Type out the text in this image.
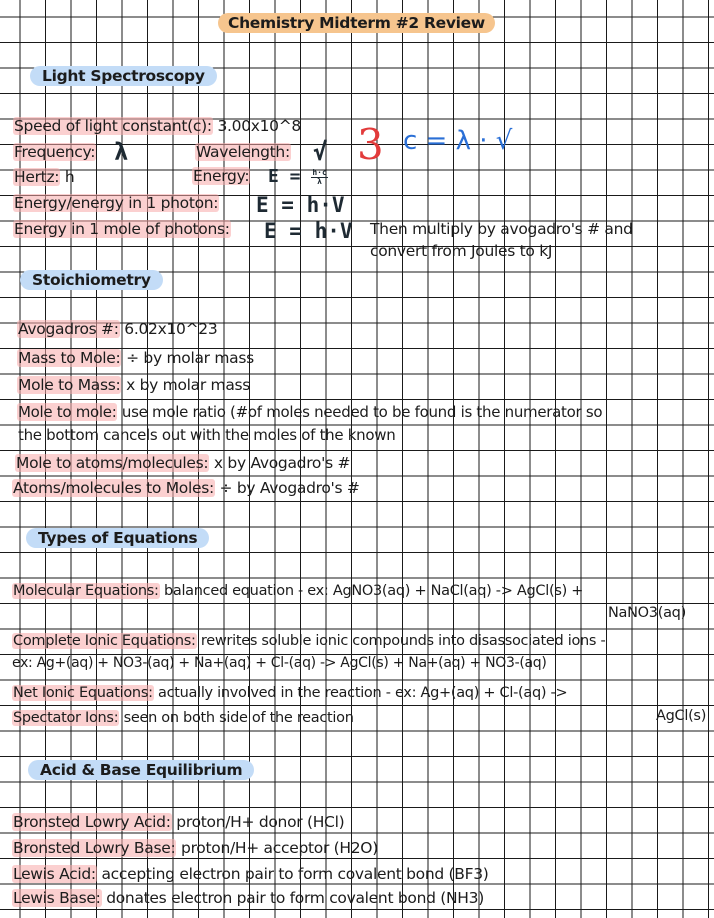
Chemistry Midterm #2 Review
Light Spectroscopy
Speed of light constant(c): 3.00x10^8
Frequency: λ	Wavelength: √
Hertz: h	Energy: $E = \frac{h\cdot c}{\lambda}$
Energy/energy in 1 photon: E = h·V
Energy in 1 mole of photons: E = h·V Then multiply by avogadro's # and
convert from Joules to kJ
3 c = λ · √
Stoichiometry
Avogadros #: 6.02x10^23
Mass to Mole: ÷ by molar mass
Mole to Mass: x by molar mass
Mole to mole: use mole ratio (#of moles needed to be found is the numerator so
the bottom cancels out with the moles of the known
Mole to atoms/molecules: x by Avogadro's #
Atoms/molecules to Moles: ÷ by Avogadro's #
Types of Equations
Molecular Equations: balanced equation - ex: AgNO3(aq) + NaCl(aq) -> AgCl(s) +
NaNO3(aq)
Complete Ionic Equations: rewrites soluble ionic compounds into disassociated ions -
ex: Ag+(aq) + NO3-(aq) + Na+(aq) + Cl-(aq) -> AgCl(s) + Na+(aq) + NO3-(aq)
Net Ionic Equations: actually involved in the reaction - ex: Ag+(aq) + Cl-(aq) ->
AgCl(s)
Spectator Ions: seen on both side of the reaction
Acid & Base Equilibrium
Bronsted Lowry Acid: proton/H+ donor (HCl)
Bronsted Lowry Base: proton/H+ acceptor (H2O)
Lewis Acid: accepting electron pair to form covalent bond (BF3)
Lewis Base: donates electron pair to form covalent bond (NH3)
